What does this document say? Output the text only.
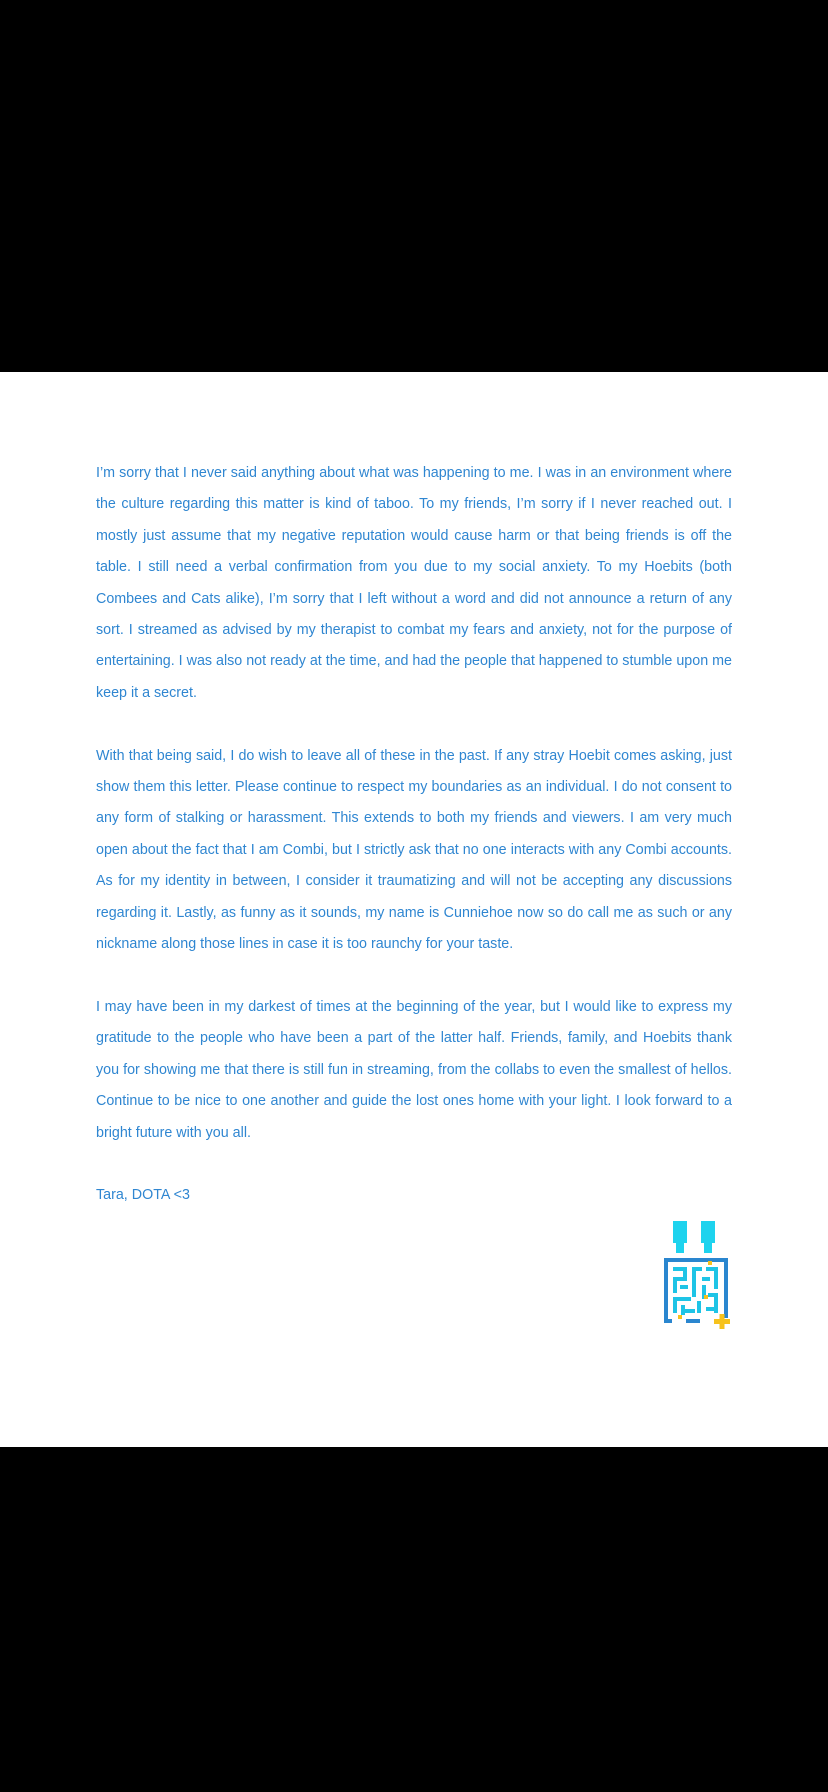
I’m sorry that I never said anything about what was happening to me. I was in an environment where the culture regarding this matter is kind of taboo. To my friends, I’m sorry if I never reached out. I mostly just assume that my negative reputation would cause harm or that being friends is off the table. I still need a verbal confirmation from you due to my social anxiety. To my Hoebits (both Combees and Cats alike), I’m sorry that I left without a word and did not announce a return of any sort. I streamed as advised by my therapist to combat my fears and anxiety, not for the purpose of entertaining. I was also not ready at the time, and had the people that happened to stumble upon me keep it a secret.

With that being said, I do wish to leave all of these in the past. If any stray Hoebit comes asking, just show them this letter. Please continue to respect my boundaries as an individual. I do not consent to any form of stalking or harassment. This extends to both my friends and viewers. I am very much open about the fact that I am Combi, but I strictly ask that no one interacts with any Combi accounts. As for my identity in between, I consider it traumatizing and will not be accepting any discussions regarding it. Lastly, as funny as it sounds, my name is Cunniehoe now so do call me as such or any nickname along those lines in case it is too raunchy for your taste.

I may have been in my darkest of times at the beginning of the year, but I would like to express my gratitude to the people who have been a part of the latter half. Friends, family, and Hoebits thank you for showing me that there is still fun in streaming, from the collabs to even the smallest of hellos. Continue to be nice to one another and guide the lost ones home with your light. I look forward to a bright future with you all.

Tara, DOTA <3
